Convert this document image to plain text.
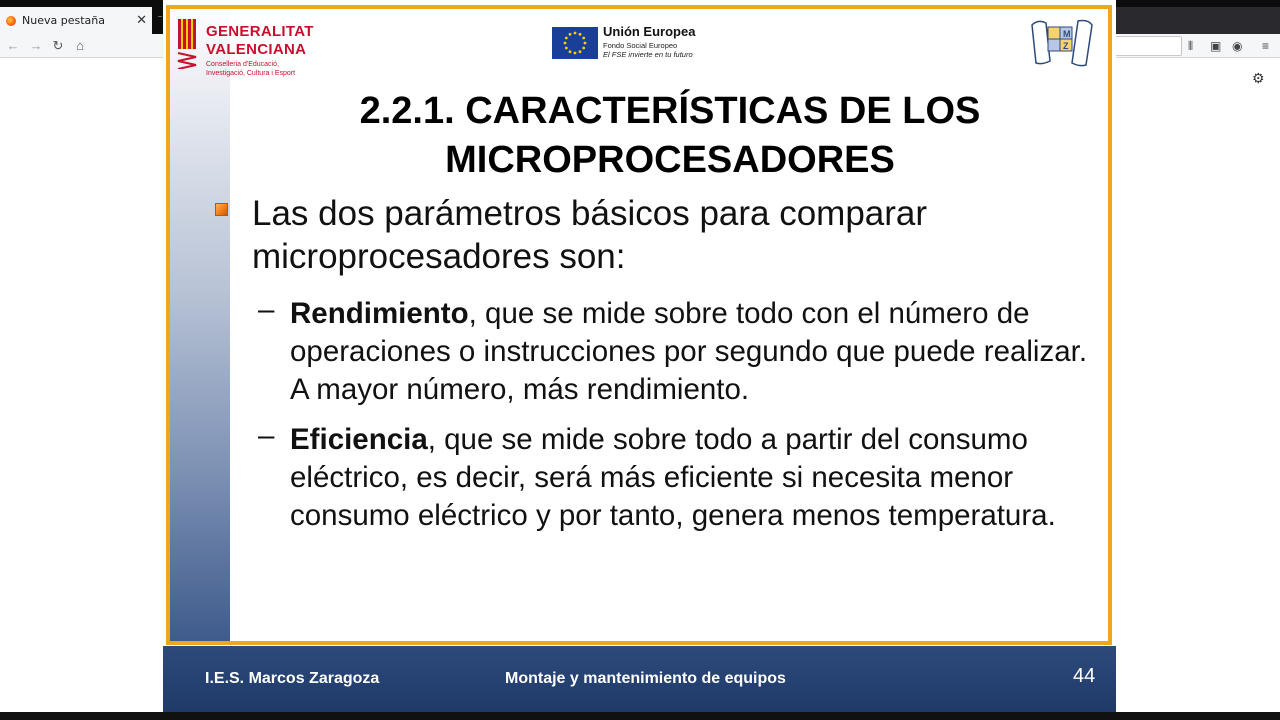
Nueva pestaña ✕
← → ↻ ⌂	⫴ ▣ ◉ ≡
⚙
GENERALITAT
VALENCIANA
Conselleria d'Educació,
Investigació, Cultura i Esport
Unión Europea
Fondo Social Europeo
El FSE invierte en tu futuro
M
Z
2.2.1. CARACTERÍSTICAS DE LOS
MICROPROCESADORES
Las dos parámetros básicos para comparar microprocesadores son:
– Rendimiento, que se mide sobre todo con el número de operaciones o instrucciones por segundo que puede realizar. A mayor número, más rendimiento.
– Eficiencia, que se mide sobre todo a partir del consumo eléctrico, es decir, será más eficiente si necesita menor consumo eléctrico y por tanto, genera menos temperatura.
I.E.S. Marcos Zaragoza	Montaje y mantenimiento de equipos	44
